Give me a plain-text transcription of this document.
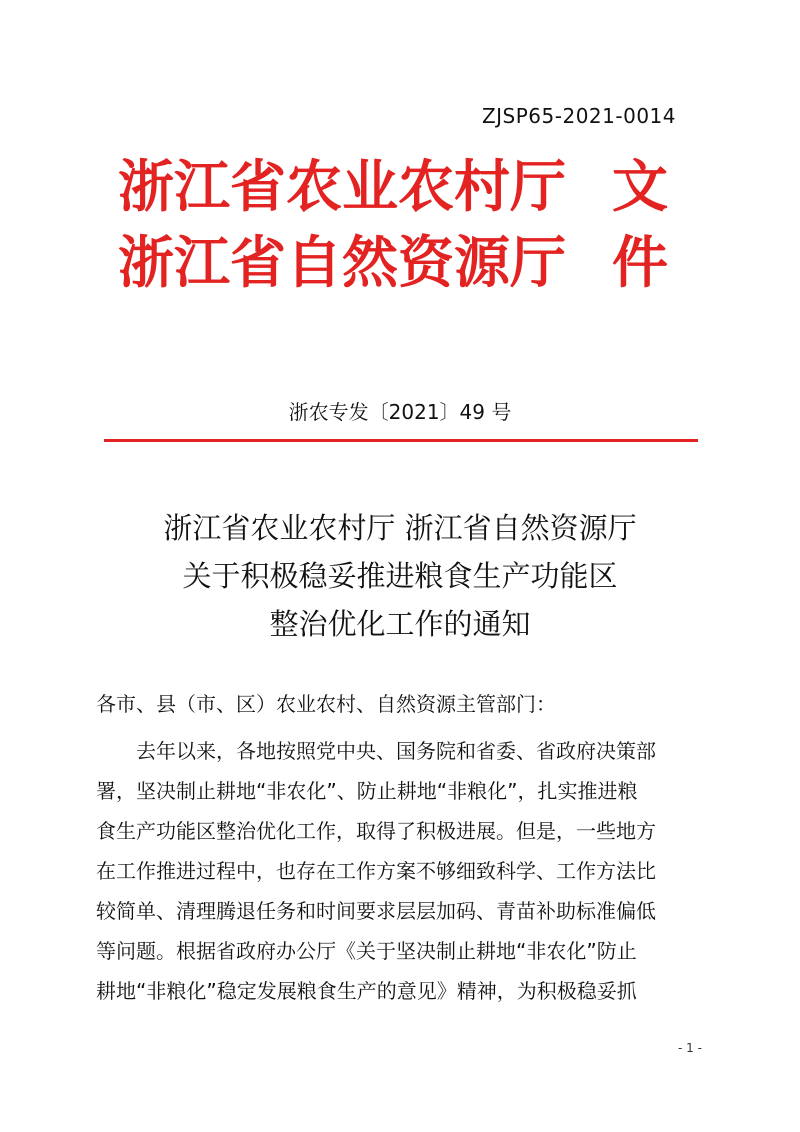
ZJSP65-2021-0014
浙江省农业农村厅
浙江省自然资源厅
文
件
浙农专发〔2021〕49 号
浙江省农业农村厅 浙江省自然资源厅
关于积极稳妥推进粮食生产功能区
整治优化工作的通知
各市、县（市、区）农业农村、自然资源主管部门：
　　去年以来，各地按照党中央、国务院和省委、省政府决策部
署，坚决制止耕地“非农化”、防止耕地“非粮化”，扎实推进粮
食生产功能区整治优化工作，取得了积极进展。但是，一些地方
在工作推进过程中，也存在工作方案不够细致科学、工作方法比
较简单、清理腾退任务和时间要求层层加码、青苗补助标准偏低
等问题。根据省政府办公厅《关于坚决制止耕地“非农化”防止
耕地“非粮化”稳定发展粮食生产的意见》精神，为积极稳妥抓
- 1 -
